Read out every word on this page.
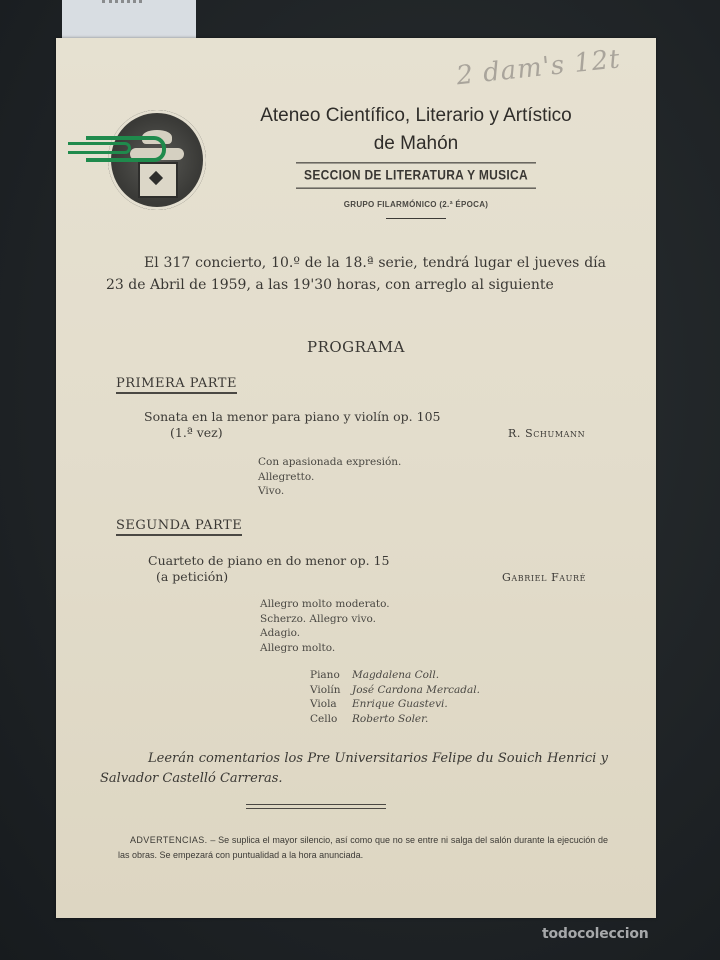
2 dam's 12t
Ateneo Científico, Literario y Artístico
de Mahón
SECCION DE LITERATURA Y MUSICA
GRUPO FILARMÓNICO (2.ª ÉPOCA)

El 317 concierto, 10.º de la 18.ª serie, tendrá lugar el jueves día 23 de Abril de 1959, a las 19'30 horas, con arreglo al siguiente

PROGRAMA
PRIMERA PARTE
Sonata en la menor para piano y violín op. 105
(1.ª vez)	R. Schumann
Con apasionada expresión.
Allegretto.
Vivo.
SEGUNDA PARTE
Cuarteto de piano en do menor op. 15
(a petición)	Gabriel Fauré
Allegro molto moderato.
Scherzo. Allegro vivo.
Adagio.
Allegro molto.
Piano Magdalena Coll.
Violín José Cardona Mercadal.
Viola Enrique Guastevi.
Cello Roberto Soler.

Leerán comentarios los Pre Universitarios Felipe du Souich Henrici y Salvador Castelló Carreras.

ADVERTENCIAS. – Se suplica el mayor silencio, así como que no se entre ni salga del salón durante la ejecución de las obras. Se empezará con puntualidad a la hora anunciada.

todocoleccion
